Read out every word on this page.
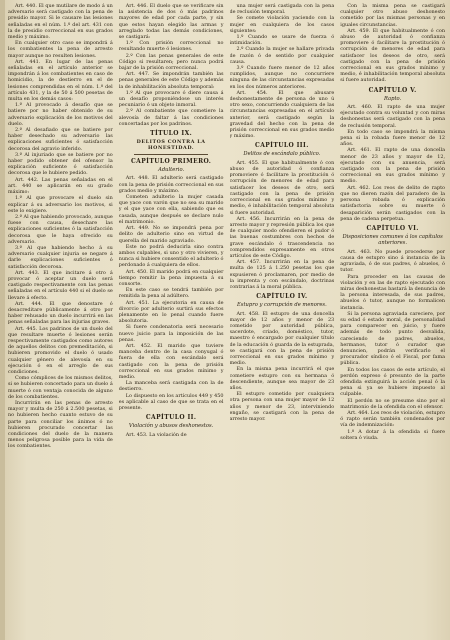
Art. 440. El que mutilare de modo á un adversario será castigado con la pena de presidio mayor. Si le causare las lesiones señaladas en el núm. 1.º del art. 431 con la de presidio correccional en sus grados medio y máximo.

En cualquier otro caso se impondrá á los combatientes la pena de arresto mayor aunque no resulten lesiones.

Art. 441. En lugar de las penas señaladas en el artículo anterior se impondrán á los combatientes en caso de homicidio, la de destierro en el de lesiones comprendidas en el núm. 1.º del artículo 431, y la de 50 á 500 pesetas de multa en los demás casos:

1.º Al provocado á desafío que se batiere por no haber obtenido de su adversario explicación de los motivos del duelo.

2.º Al desafiado que se batiere por haber desechado su adversario las explicaciones suficientes ó satisfacción decorosa del agravio inferido.

3.º Al injuriado que se batiere por no haber podido obtener del ofensor la explicación suficiente ó satisfacción decorosa que le hubiere pedido.

Art. 442. Las penas señaladas en el art. 440 se aplicarán en su grado máximo:

1.º Al que provocare el duelo sin explicar á su adversario los motivos, si este lo exigiere.

2.º Al que habiendo provocado, aunque fuese con causa, desechare las explicaciones suficientes ó la satisfacción decorosa que le haya ofrecido su adversario.

3.º Al que habiendo hecho á su adversario cualquier injuria se negare á darle explicaciones suficientes ó satisfacción decorosa.

Art. 443. El que incitare á otro á provocar ó aceptar un duelo será castigado respectivamente con las penas señaladas en el artículo 440 si el duelo se llevare á efecto.

Art. 444. El que denostare ó desacreditare públicamente á otro por haber rehusado un duelo incurrirá en las penas señaladas para las injurias graves.

Art. 445. Los padrinos de un duelo del que resultare muerte ó lesiones serán respectivamente castigados como autores de aquellos delitos con premeditación, si hubieren promovido el duelo ó usado cualquier género de alevosía en su ejecución ó en el arreglo de sus condiciones.

Como cómplices de los mismos delitos, si se hubieren concertado para un duelo á muerte ó con ventaja conocida de alguno de los combatientes.

Incurrirán en las penas de arresto mayor y multa de 250 á 2.500 pesetas, si no hubieren hecho cuanto estuvo de su parte para conciliar los ánimos ó no hubieren procurado concertar las condiciones del duelo de la manera menos peligrosa posible para la vida de los combatientes.

Art. 446. El duelo que se verificare sin la asistencia de dos ó más padrinos mayores de edad por cada parte, y sin que estos hayan elegido las armas y arreglado todas las demás condiciones, se castigará:

1.º Con prisión correccional no resultando muerte ó lesiones.

2.º Con las penas generales de este Código si resultaren; pero nunca podrá bajar de la prisión correccional.

Art. 447. Se impondrán también las penas generales de este Código y además la de inhabilitación absoluta temporal:

1.º Al que provocare ó diere causa á un desafío proponiéndose un interés pecuniario ó un objeto inmoral.

2.º Al combatiente que cometiere la alevosía de faltar á las condiciones concertadas por los padrinos.

TÍTULO IX.
DELITOS CONTRA LA HONESTIDAD.
CAPÍTULO PRIMERO.
Adulterio.

Art. 448. El adulterio será castigado con la pena de prisión correccional en sus grados medio y máximo.

Cometen adulterio la mujer casada que yace con varón que no sea su marido y el que yace con ella, sabiendo que es casada, aunque después se declare nulo el matrimonio.

Art. 449. No se impondrá pena por delito de adulterio sino en virtud de querella del marido agraviado.

Este no podrá deducirla sino contra ambos culpables, si uno y otro vivieren, y nunca si hubiere consentido el adulterio ó perdonado á cualquiera de ellos.

Art. 450. El marido podrá en cualquier tiempo remitir la pena impuesta á su consorte.

En este caso se tendrá también por remitida la pena al adúltero.

Art. 451. La ejecutoria en causa de divorcio por adulterio surtirá sus efectos plenamente en lo penal cuando fuere absolutoria.

Si fuere condenatoria será necesario nuevo juicio para la imposición de las penas.

Art. 452. El marido que tuviere manceba dentro de la casa conyugal ó fuera de ella con escándalo será castigado con la pena de prisión correccional en sus grados mínimo y medio.

La manceba será castigada con la de destierro.

Lo dispuesto en los artículos 449 y 450 es aplicable al caso de que se trata en el presente.

CAPÍTULO II.
Violación y abusos deshonestos.

Art. 453. La violación de

una mujer será castigada con la pena de reclusión temporal.

Se comete violación yaciendo con la mujer en cualquiera de los casos siguientes:

1.º Cuando se usare de fuerza ó intimidación.

2.º Cuando la mujer se hallare privada de razón ó de sentido por cualquier causa.

3.º Cuando fuere menor de 12 años cumplidos, aunque no concurriere ninguna de las circunstancias expresadas en los dos números anteriores.

Art. 454. El que abusare deshonestamente de persona de uno ú otro sexo, concurriendo cualquiera de las circunstancias expresadas en el artículo anterior, será castigado según la gravedad del hecho con la pena de prisión correccional en sus grados medio y máximo.

CAPÍTULO III.
Delitos de escándalo público.

Art. 455. El que habitualmente ó con abuso de autoridad ó confianza promoviere ó facilitare la prostitución ó corrupción de menores de edad para satisfacer los deseos de otro, será castigado con la pena de prisión correccional en sus grados mínimo y medio, é inhabilitación temporal absoluta si fuere autoridad.

Art. 456. Incurrirán en la pena de arresto mayor y represión pública los que de cualquier modo ofendieren el pudor ó las buenas costumbres con hechos de grave escándalo ó trascendencia no comprendidos expresamente en otros artículos de este Código.

Art. 457. Incurrirán en la pena de multa de 125 á 1.250 pesetas los que expusieren ó proclamaren, por medio de la imprenta y con escándalo, doctrinas contrarias á la moral pública.

CAPÍTULO IV.
Estupro y corrupción de menores.

Art. 458. El estupro de una doncella mayor de 12 años y menor de 23 cometido por autoridad pública, sacerdote, criado, doméstico, tutor, maestro ó encargado por cualquier título de la educación ó guarda de la estuprada, se castigará con la pena de prisión correccional en sus grados mínimo y medio.

En la misma pena incurrirá el que cometiere estupro con su hermana ó descendiente, aunque sea mayor de 23 años.

El estupro cometido por cualquiera otra persona con una mujer mayor de 12 años y menor de 23, interviniendo engaño, se castigará con la pena de arresto mayor.

Con la misma pena se castigará cualquier otro abuso deshonesto cometido por las mismas personas y en iguales circunstancias.

Art. 459. El que habitualmente ó con abuso de autoridad ó confianza promoviere ó facilitare la prostitución ó corrupción de menores de edad para satisfacer los deseos de otro, será castigado con la pena de prisión correccional en sus grados mínimo y medio, é inhabilitación temporal absoluta si fuere autoridad.

CAPÍTULO V.
Rapto.

Art. 460. El rapto de una mujer ejecutado contra su voluntad y con miras deshonestas será castigado con la pena de reclusión temporal.

En todo caso se impondrá la misma pena si la robada fuere menor de 12 años.

Art. 461. El rapto de una doncella menor de 23 años y mayor de 12, ejecutado con su anuencia, será castigado con la pena de prisión correccional en sus grados mínimo y medio.

Art. 462. Los reos de delito de rapto que no dieren razón del paradero de la persona robada ó explicación satisfactoria sobre su muerte ó desaparición serán castigados con la pena de cadena perpetua.

CAPÍTULO VI.
Disposiciones comunes á los capítulos anteriores.

Art. 463. No puede procederse por causa de estupro sino á instancia de la agraviada, ó de sus padres, ó abuelos, ó tutor.

Para proceder en las causas de violación y en las de rapto ejecutado con miras deshonestas bastará la denuncia de la persona interesada, de sus padres, abuelos ó tutor, aunque no formalicen instancia.

Si la persona agraviada careciere, por su edad ó estado moral, de personalidad para comparecer en juicio, y fuere además de todo punto desvalida, careciendo de padres, abuelos, hermanos, tutor ó curador que denuncien, podrán verificarlo el procurador síndico ó el Fiscal, por fama pública.

En todos los casos de este artículo, el perdón expreso ó presunto de la parte ofendida extinguirá la acción penal ó la pena si ya se hubiere impuesto al culpable.

El perdón no se presume sino por el matrimonio de la ofendida con el ofensor.

Art. 464. Los reos de violación, estupro ó rapto serán también condenados por vía de indemnización:

1.º A dotar á la ofendida si fuere soltera ó viuda.
